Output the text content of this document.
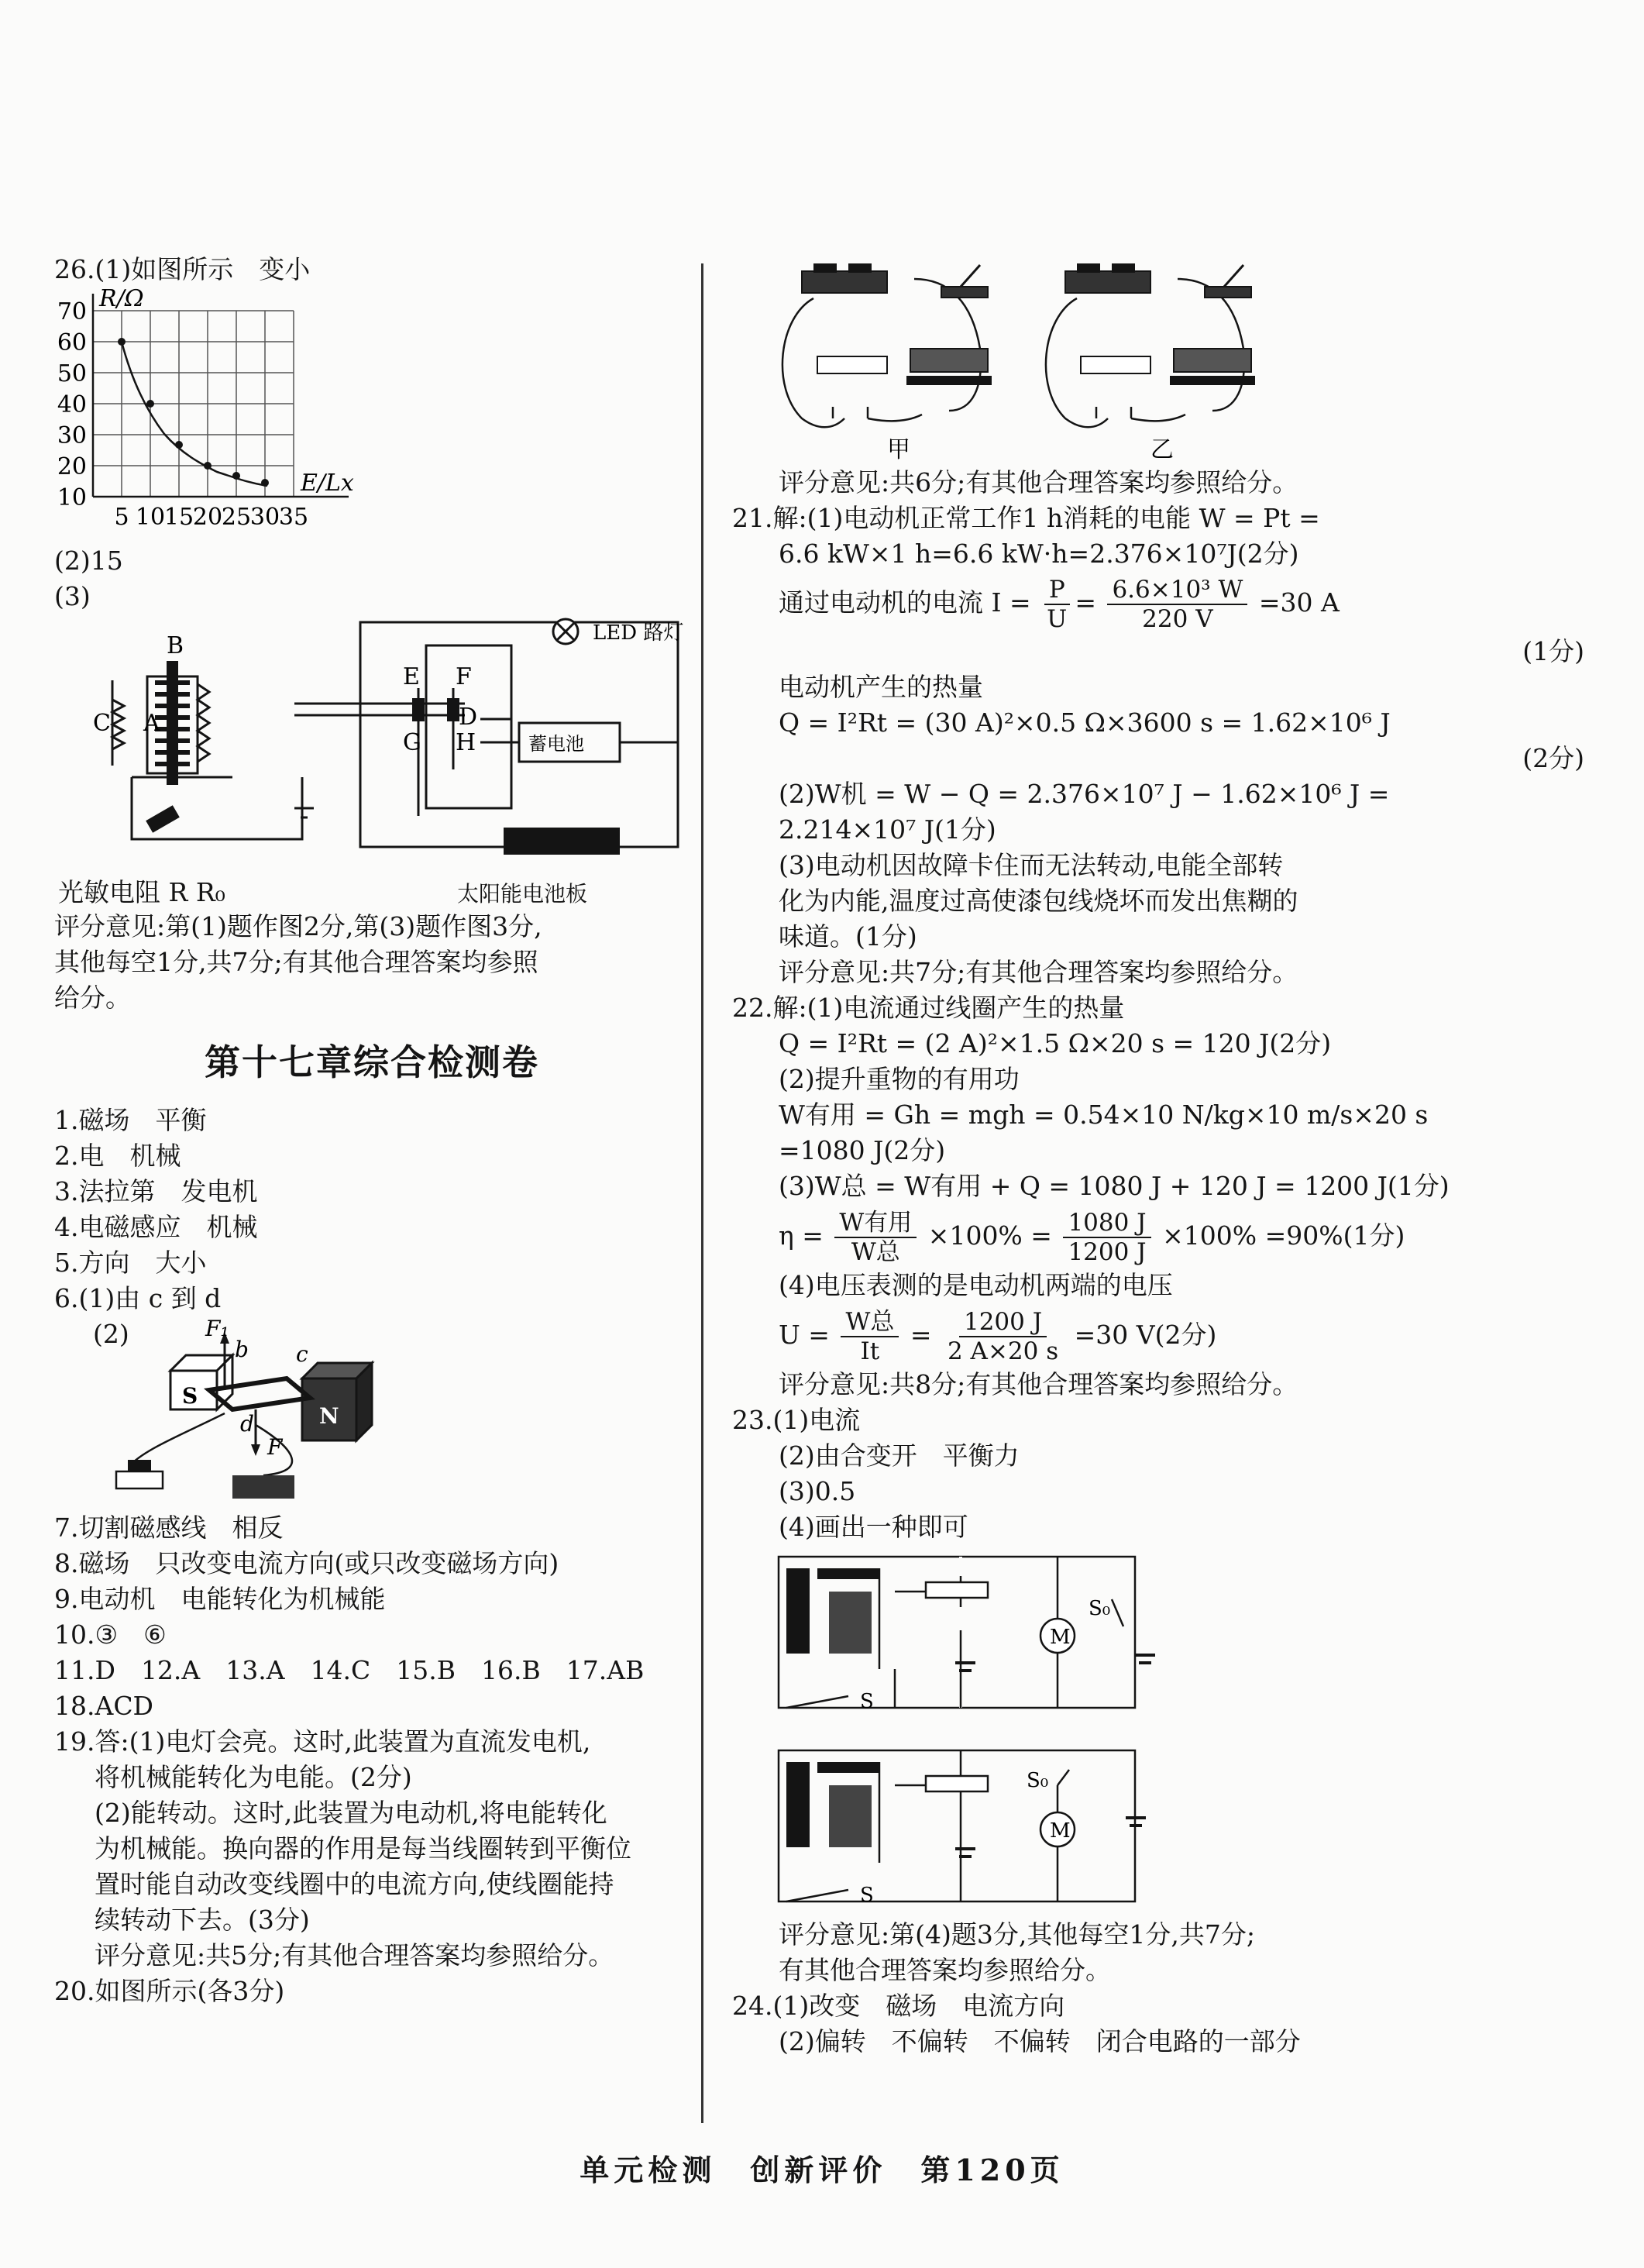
26.(1)如图所示　变小
R/Ω
E/Lx
70
60
50
40
30
20
10
5 10
15
20
25
30
35
(2)15
(3)
LED 路灯
蓄电池
A
B
C	D
E F
G H
光敏电阻 R R₀	太阳能电池板
评分意见:第(1)题作图2分,第(3)题作图3分,
其他每空1分,共7分;有其他合理答案均参照
给分。
第十七章综合检测卷
1.磁场　平衡
2.电　机械
3.法拉第　发电机
4.电磁感应　机械
5.方向　大小
6.(1)由 c 到 d
(2)	F₁
b c
S
N
d
F
7.切割磁感线　相反
8.磁场　只改变电流方向(或只改变磁场方向)
9.电动机　电能转化为机械能
10.③　⑥
11.D　12.A　13.A　14.C　15.B　16.B　17.AB
18.ACD
19.答:(1)电灯会亮。这时,此装置为直流发电机,
将机械能转化为电能。(2分)
(2)能转动。这时,此装置为电动机,将电能转化
为机械能。换向器的作用是每当线圈转到平衡位
置时能自动改变线圈中的电流方向,使线圈能持
续转动下去。(3分)
评分意见:共5分;有其他合理答案均参照给分。
20.如图所示(各3分)
甲	乙
评分意见:共6分;有其他合理答案均参照给分。
21.解:(1)电动机正常工作1 h消耗的电能 W = Pt =
6.6 kW×1 h=6.6 kW·h=2.376×10⁷J(2分)
通过电动机的电流 $I = \frac{P}{U} = \frac{\text{6.6×10³ W}}{220 V} =30$ A
(1分)
电动机产生的热量
Q = I²Rt = (30 A)²×0.5 Ω×3600 s = 1.62×10⁶ J
(2分)
(2)W机 = W − Q = 2.376×10⁷ J − 1.62×10⁶ J =
2.214×10⁷ J(1分)
(3)电动机因故障卡住而无法转动,电能全部转
化为内能,温度过高使漆包线烧坏而发出焦糊的
味道。(1分)
评分意见:共7分;有其他合理答案均参照给分。
22.解:(1)电流通过线圈产生的热量
Q = I²Rt = (2 A)²×1.5 Ω×20 s = 120 J(2分)
(2)提升重物的有用功
W有用 = Gh = mgh = 0.54×10 N/kg×10 m/s×20 s
=1080 J(2分)
(3)W总 = W有用 + Q = 1080 J + 120 J = 1200 J(1分)
$\eta = \frac{\text{W有用}}{\text{W总}} \times 100\% = \frac{1080 J}{1200 J} \times 100\% =90\%(1$分)
(4)电压表测的是电动机两端的电压
$U = \frac{\text{W总}}{It} = \frac{1200 J}{2 A\times 20 s} =30$ V(2分)
评分意见:共8分;有其他合理答案均参照给分。
23.(1)电流
(2)由合变开　平衡力
(3)0.5
(4)画出一种即可
M
S₀
S
M
S₀
S
评分意见:第(4)题3分,其他每空1分,共7分;
有其他合理答案均参照给分。
24.(1)改变　磁场　电流方向
(2)偏转　不偏转　不偏转　闭合电路的一部分
单元检测　创新评价　第120页
